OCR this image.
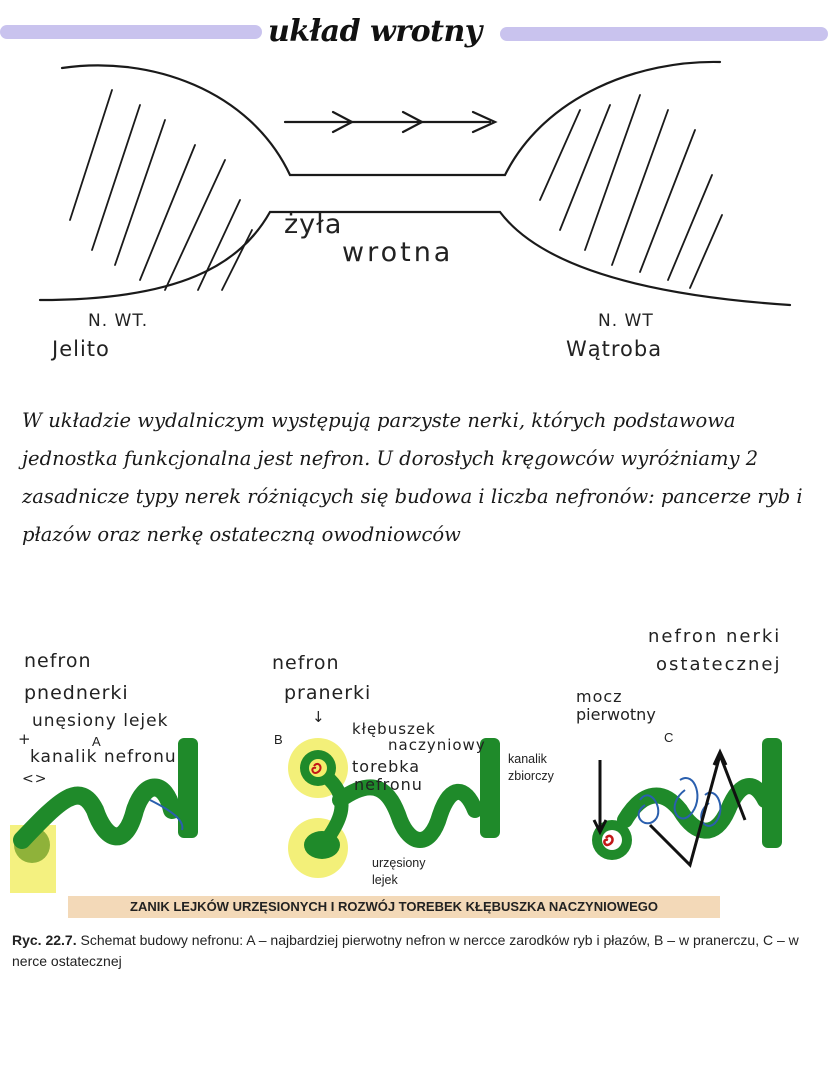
układ wrotny
żyła
wrotna
N. WT.
Jelito
N. WT
Wątroba
W układzie wydalniczym występują parzyste nerki, których podstawowa jednostka funkcjonalna jest nefron. U dorosłych kręgowców wyróżniamy 2 zasadnicze typy nerek różniących się budowa i liczba nefronów: pancerze ryb i płazów oraz nerkę ostateczną owodniowców
nefron
pnednerki
unęsiony lejek
+
kanalik nefronu
<>
A
nefron
pranerki
↓
B
kłębuszek
naczyniowy
torebka
nefronu
kanalik
zbiorczy
urzęsiony
lejek
nefron nerki
ostatecznej
mocz
pierwotny
C
ZANIK LEJKÓW URZĘSIONYCH I ROZWÓJ TOREBEK KŁĘBUSZKA NACZYNIOWEGO
Ryc. 22.7. Schemat budowy nefronu: A – najbardziej pierwotny nefron w nercce zarodków ryb i płazów, B – w pranerczu, C – w nerce ostatecznej
